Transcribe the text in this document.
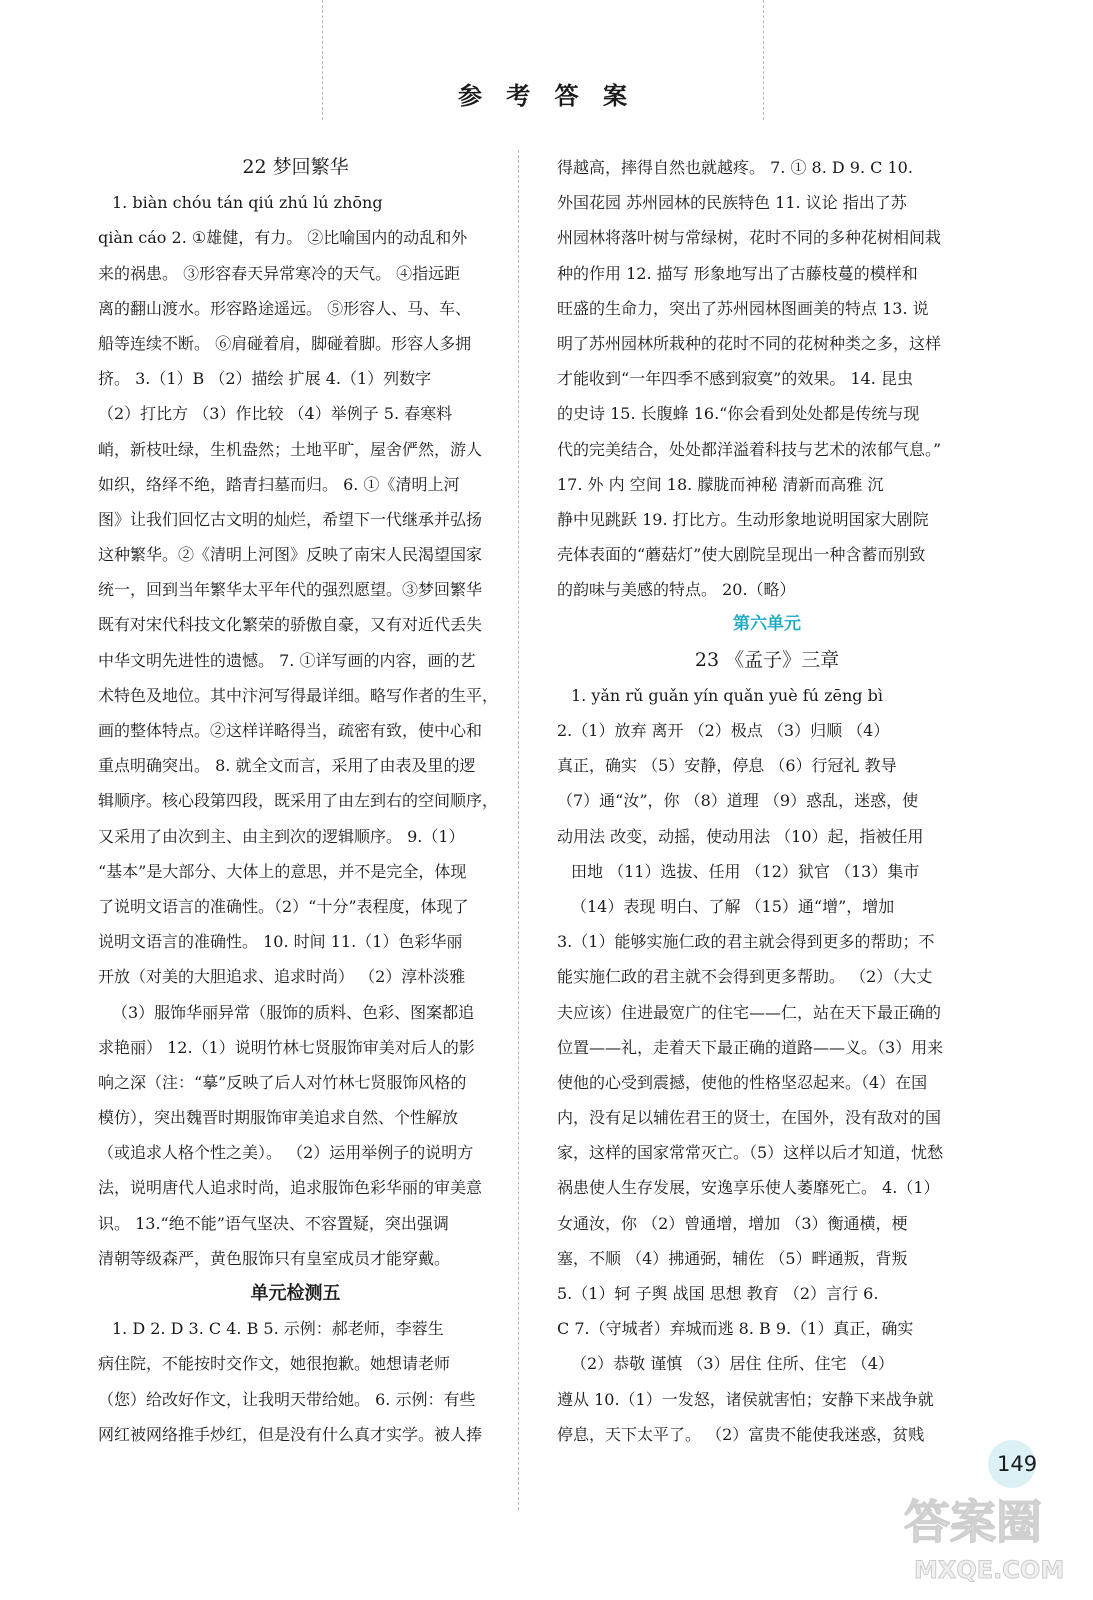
参 考 答 案

22 梦回繁华

1. biàn chóu tán qiú zhú lú zhōng

qiàn cáo 2. ①雄健，有力。 ②比喻国内的动乱和外

来的祸患。 ③形容春天异常寒冷的天气。 ④指远距

离的翻山渡水。形容路途遥远。 ⑤形容人、马、车、

船等连续不断。 ⑥肩碰着肩，脚碰着脚。形容人多拥

挤。 3.（1）B （2）描绘 扩展 4.（1）列数字

（2）打比方 （3）作比较 （4）举例子 5. 春寒料

峭，新枝吐绿，生机盎然；土地平旷，屋舍俨然，游人

如织，络绎不绝，踏青扫墓而归。 6. ①《清明上河

图》让我们回忆古文明的灿烂，希望下一代继承并弘扬

这种繁华。②《清明上河图》反映了南宋人民渴望国家

统一，回到当年繁华太平年代的强烈愿望。③梦回繁华

既有对宋代科技文化繁荣的骄傲自豪，又有对近代丢失

中华文明先进性的遗憾。 7. ①详写画的内容，画的艺

术特色及地位。其中汴河写得最详细。略写作者的生平，

画的整体特点。②这样详略得当，疏密有致，使中心和

重点明确突出。 8. 就全文而言，采用了由表及里的逻

辑顺序。核心段第四段，既采用了由左到右的空间顺序，

又采用了由次到主、由主到次的逻辑顺序。 9.（1）

“基本”是大部分、大体上的意思，并不是完全，体现

了说明文语言的准确性。（2）“十分”表程度，体现了

说明文语言的准确性。 10. 时间 11.（1）色彩华丽

开放（对美的大胆追求、追求时尚） （2）淳朴淡雅

（3）服饰华丽异常（服饰的质料、色彩、图案都追

求艳丽） 12.（1）说明竹林七贤服饰审美对后人的影

响之深（注：“摹”反映了后人对竹林七贤服饰风格的

模仿），突出魏晋时期服饰审美追求自然、个性解放

（或追求人格个性之美）。 （2）运用举例子的说明方

法，说明唐代人追求时尚，追求服饰色彩华丽的审美意

识。 13.“绝不能”语气坚决、不容置疑，突出强调

清朝等级森严，黄色服饰只有皇室成员才能穿戴。

单元检测五

1. D 2. D 3. C 4. B 5. 示例：郝老师，李蓉生

病住院，不能按时交作文，她很抱歉。她想请老师

（您）给改好作文，让我明天带给她。 6. 示例：有些

网红被网络推手炒红，但是没有什么真才实学。被人捧

得越高，摔得自然也就越疼。 7. ① 8. D 9. C 10.

外国花园 苏州园林的民族特色 11. 议论 指出了苏

州园林将落叶树与常绿树，花时不同的多种花树相间栽

种的作用 12. 描写 形象地写出了古藤枝蔓的模样和

旺盛的生命力，突出了苏州园林图画美的特点 13. 说

明了苏州园林所栽种的花时不同的花树种类之多，这样

才能收到“一年四季不感到寂寞”的效果。 14. 昆虫

的史诗 15. 长腹蜂 16.“你会看到处处都是传统与现

代的完美结合，处处都洋溢着科技与艺术的浓郁气息。”

17. 外 内 空间 18. 朦胧而神秘 清新而高雅 沉

静中见跳跃 19. 打比方。生动形象地说明国家大剧院

壳体表面的“蘑菇灯”使大剧院呈现出一种含蓄而别致

的韵味与美感的特点。 20.（略）

第六单元

23 《孟子》三章

1. yǎn rǔ guǎn yín quǎn yuè fú zēng bì

2.（1）放弃 离开 （2）极点 （3）归顺 （4）

真正，确实 （5）安静，停息 （6）行冠礼 教导

（7）通“汝”，你 （8）道理 （9）惑乱，迷惑，使

动用法 改变，动摇，使动用法 （10）起，指被任用

田地 （11）选拔、任用 （12）狱官 （13）集市

（14）表现 明白、了解 （15）通“增”，增加

3.（1）能够实施仁政的君主就会得到更多的帮助；不

能实施仁政的君主就不会得到更多帮助。 （2）（大丈

夫应该）住进最宽广的住宅——仁，站在天下最正确的

位置——礼，走着天下最正确的道路——义。（3）用来

使他的心受到震撼，使他的性格坚忍起来。（4）在国

内，没有足以辅佐君王的贤士，在国外，没有敌对的国

家，这样的国家常常灭亡。（5）这样以后才知道，忧愁

祸患使人生存发展，安逸享乐使人萎靡死亡。 4.（1）

女通汝，你 （2）曾通增，增加 （3）衡通横，梗

塞，不顺 （4）拂通弼，辅佐 （5）畔通叛，背叛

5.（1）轲 子舆 战国 思想 教育 （2）言行 6.

C 7.（守城者）弃城而逃 8. B 9.（1）真正，确实

（2）恭敬 谨慎 （3）居住 住所、住宅 （4）

遵从 10.（1）一发怒，诸侯就害怕；安静下来战争就

停息，天下太平了。 （2）富贵不能使我迷惑，贫贱

149
答案圈
MXQE.COM
